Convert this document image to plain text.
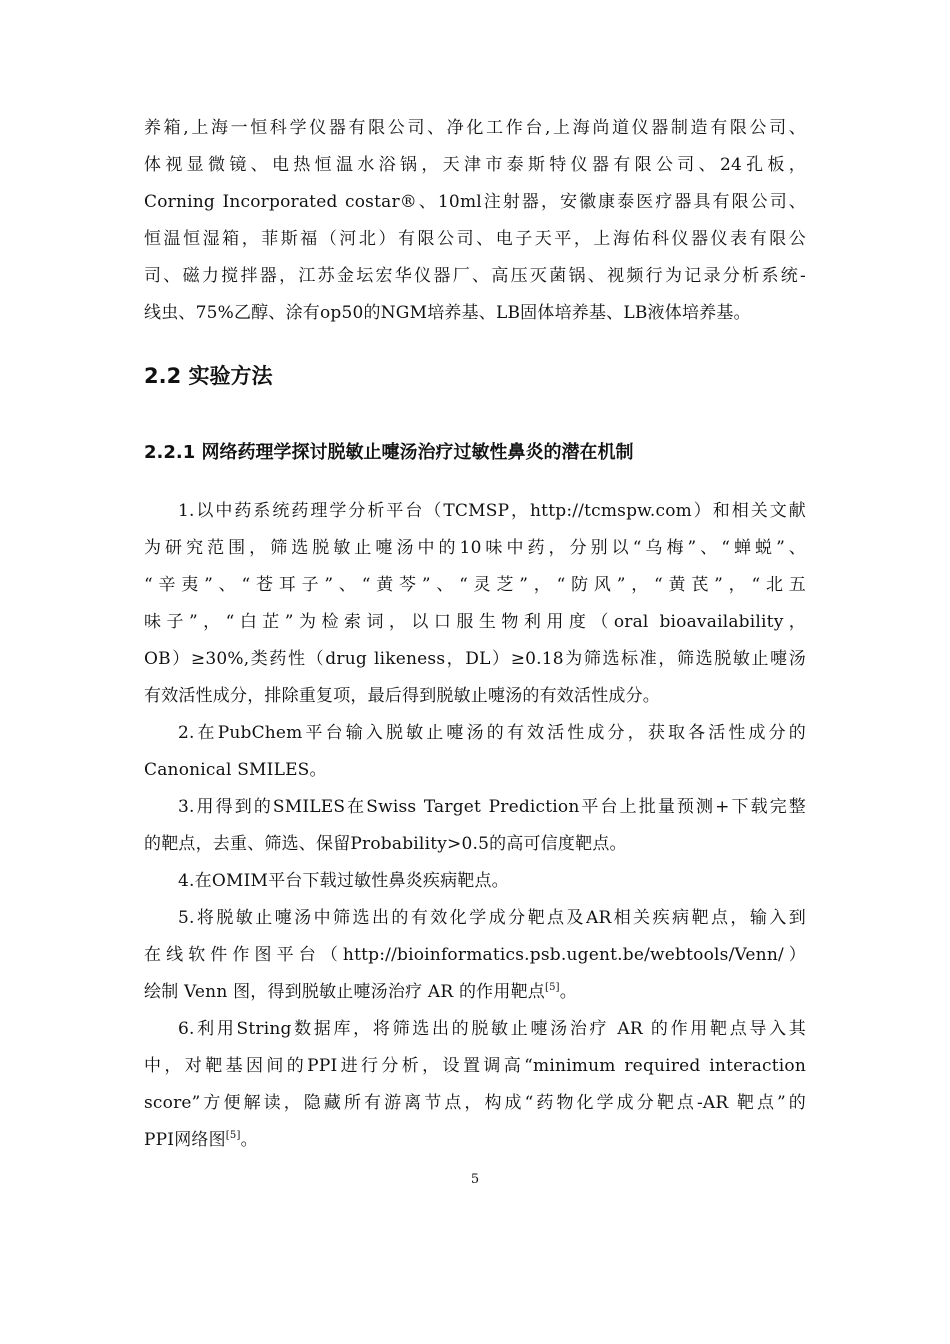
养箱,上海一恒科学仪器有限公司、净化工作台,上海尚道仪器制造有限公司、
体视显微镜、电热恒温水浴锅，天津市泰斯特仪器有限公司、24孔板，
Corning Incorporated costar®、10ml注射器，安徽康泰医疗器具有限公司、
恒温恒湿箱，菲斯福（河北）有限公司、电子天平，上海佑科仪器仪表有限公
司、磁力搅拌器，江苏金坛宏华仪器厂、高压灭菌锅、视频行为记录分析系统-
线虫、75%乙醇、涂有op50的NGM培养基、LB固体培养基、LB液体培养基。
2.2 实验方法
2.2.1 网络药理学探讨脱敏止嚏汤治疗过敏性鼻炎的潜在机制
1.以中药系统药理学分析平台（TCMSP，http://tcmspw.com）和相关文献
为研究范围，筛选脱敏止嚏汤中的10味中药，分别以“乌梅”、“蝉蜕”、
“辛夷”、“苍耳子”、“黄芩”、“灵芝”，“防风”，“黄芪”，“北五
味子”，“白芷”为检索词，以口服生物利用度（oral bioavailability，
OB）≥30%,类药性（drug likeness，DL）≥0.18为筛选标准，筛选脱敏止嚏汤
有效活性成分，排除重复项，最后得到脱敏止嚏汤的有效活性成分。
2.在PubChem平台输入脱敏止嚏汤的有效活性成分，获取各活性成分的
Canonical SMILES。
3.用得到的SMILES在Swiss Target Prediction平台上批量预测+下载完整
的靶点，去重、筛选、保留Probability>0.5的高可信度靶点。
4.在OMIM平台下载过敏性鼻炎疾病靶点。
5.将脱敏止嚏汤中筛选出的有效化学成分靶点及AR相关疾病靶点，输入到
在线软件作图平台（http://bioinformatics.psb.ugent.be/webtools/Venn/）
绘制 Venn 图，得到脱敏止嚏汤治疗 AR 的作用靶点[5]。
6.利用String数据库，将筛选出的脱敏止嚏汤治疗 AR 的作用靶点导入其
中，对靶基因间的PPI进行分析，设置调高“minimum required interaction
score”方便解读，隐藏所有游离节点，构成“药物化学成分靶点-AR 靶点”的
PPI网络图[5]。
5
